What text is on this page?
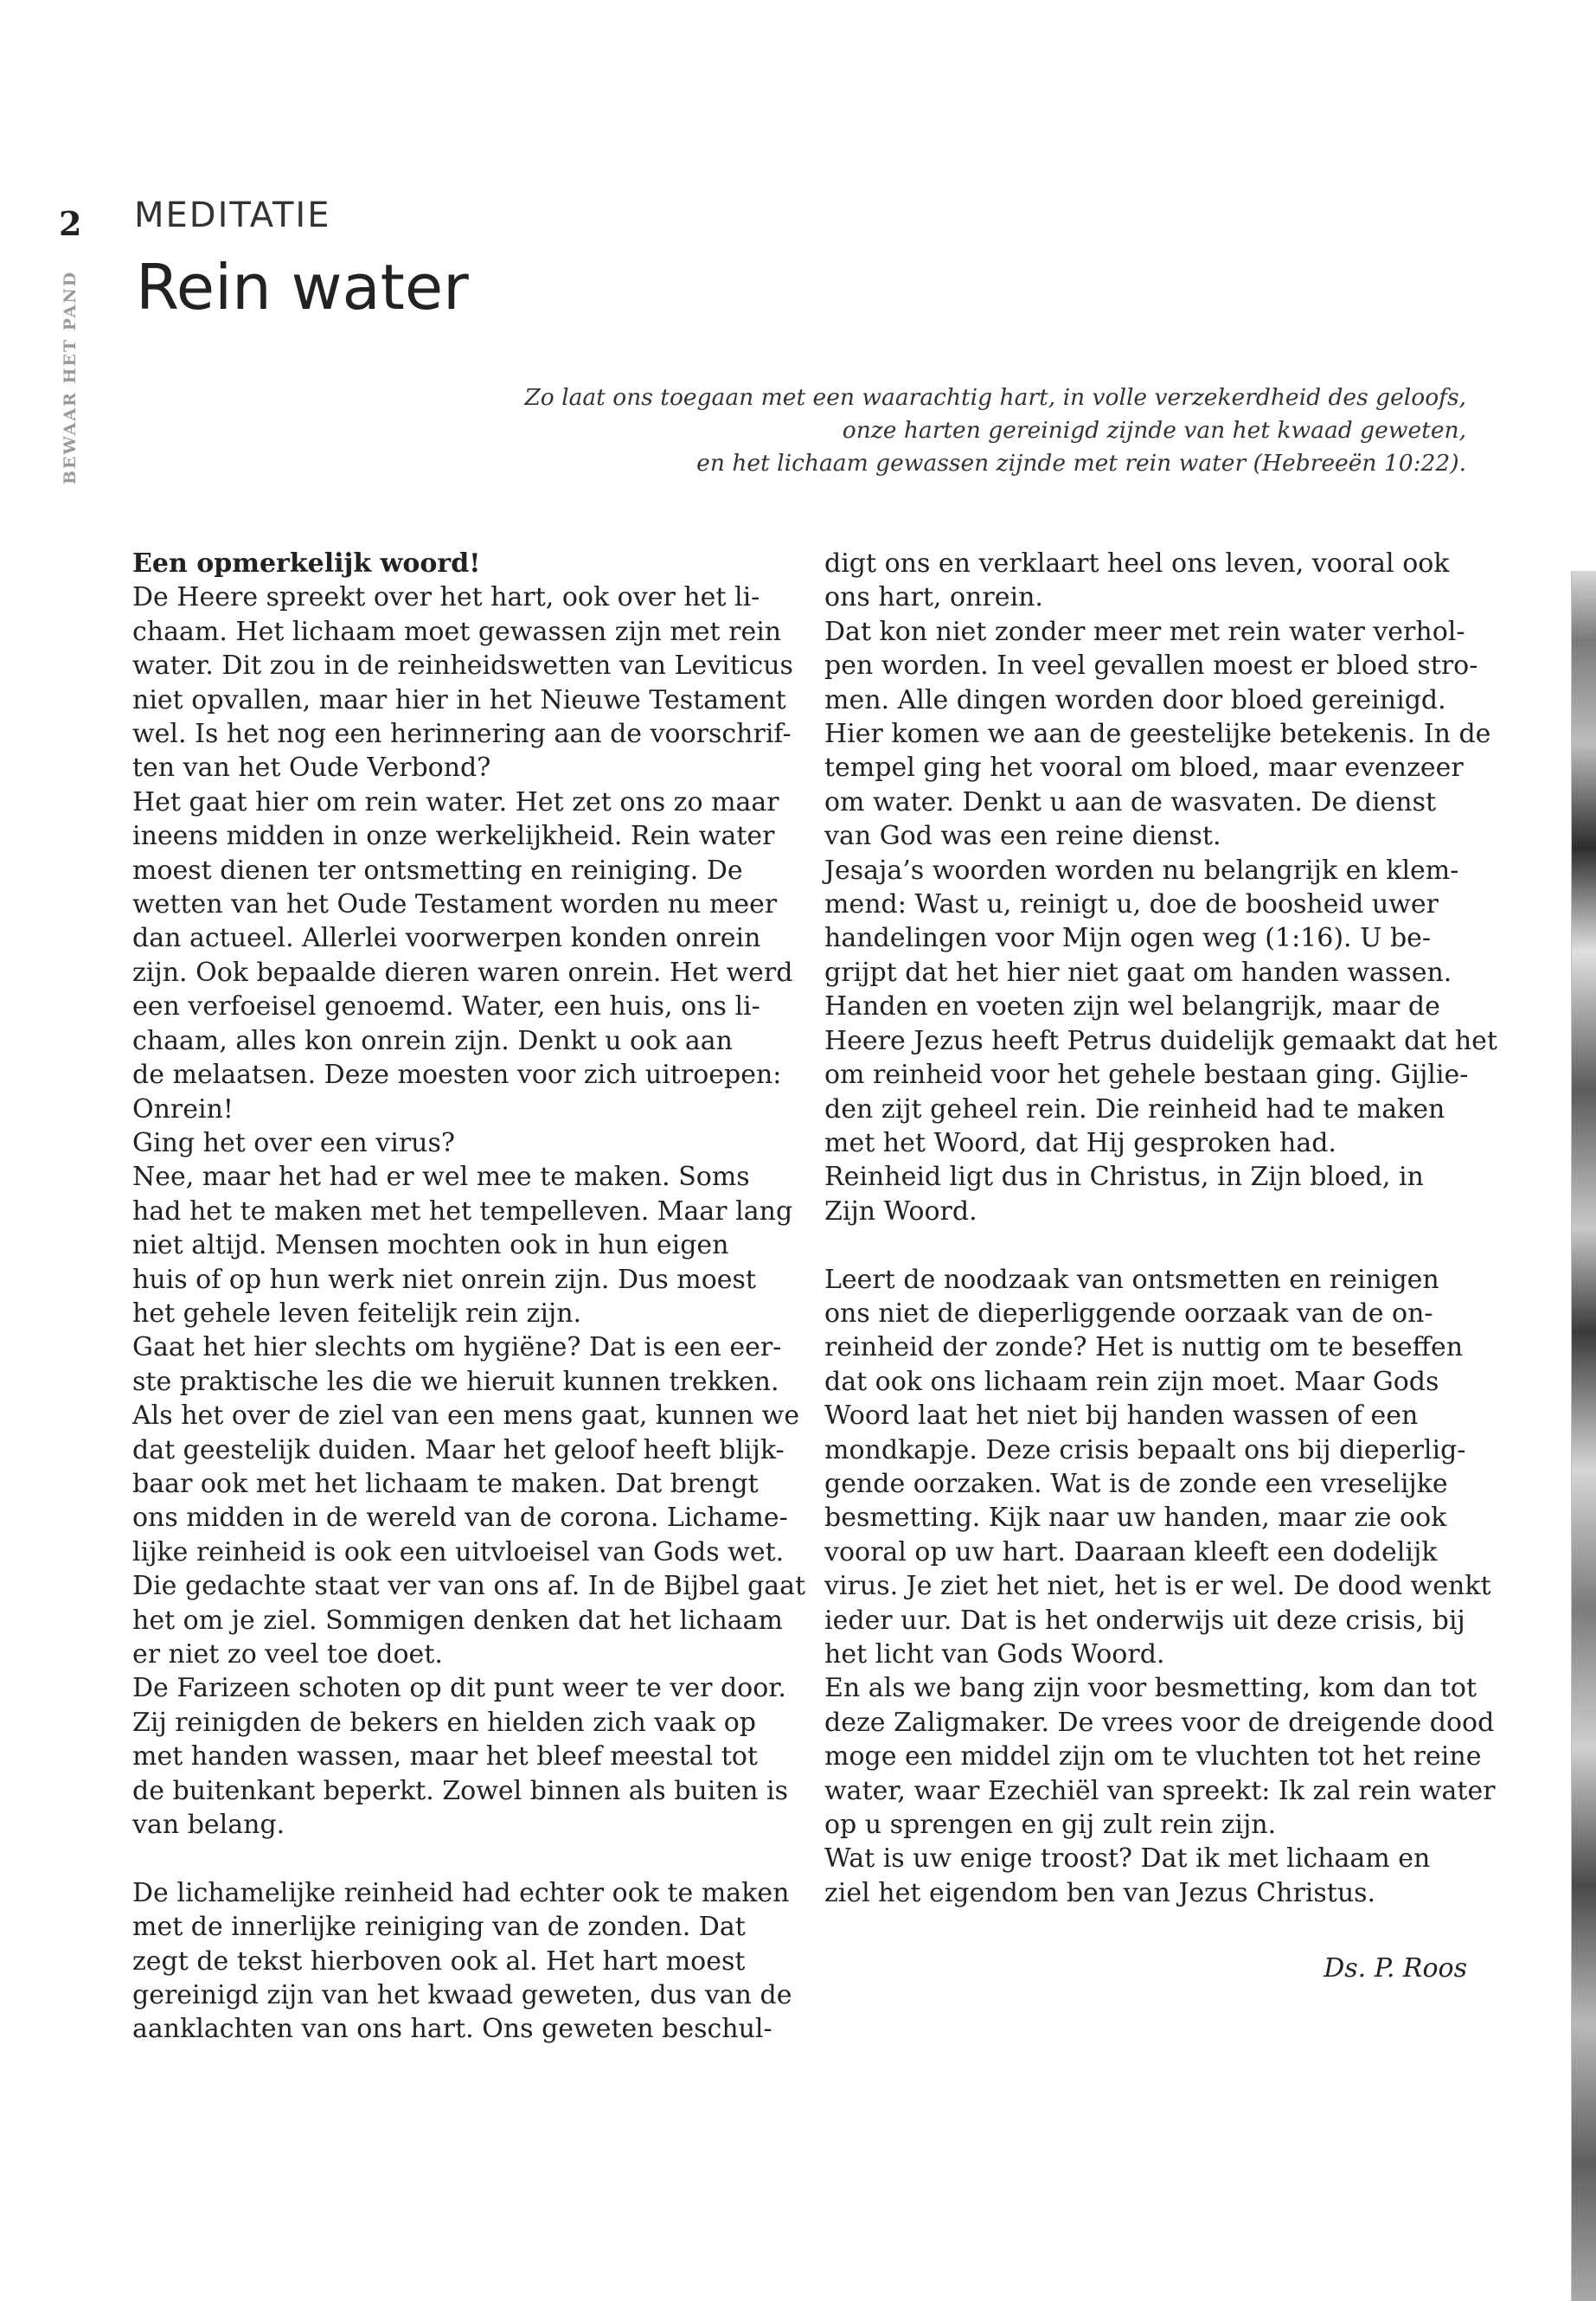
2
BEWAAR HET PAND
MEDITATIE
Rein water
Zo laat ons toegaan met een waarachtig hart, in volle verzekerdheid des geloofs,
onze harten gereinigd zijnde van het kwaad geweten,
en het lichaam gewassen zijnde met rein water (Hebreeën 10:22).
Een opmerkelijk woord!
De Heere spreekt over het hart, ook over het li-
chaam. Het lichaam moet gewassen zijn met rein
water. Dit zou in de reinheidswetten van Leviticus
niet opvallen, maar hier in het Nieuwe Testament
wel. Is het nog een herinnering aan de voorschrif-
ten van het Oude Verbond?
Het gaat hier om rein water. Het zet ons zo maar
ineens midden in onze werkelijkheid. Rein water
moest dienen ter ontsmetting en reiniging. De
wetten van het Oude Testament worden nu meer
dan actueel. Allerlei voorwerpen konden onrein
zijn. Ook bepaalde dieren waren onrein. Het werd
een verfoeisel genoemd. Water, een huis, ons li-
chaam, alles kon onrein zijn. Denkt u ook aan
de melaatsen. Deze moesten voor zich uitroepen:
Onrein!
Ging het over een virus?
Nee, maar het had er wel mee te maken. Soms
had het te maken met het tempelleven. Maar lang
niet altijd. Mensen mochten ook in hun eigen
huis of op hun werk niet onrein zijn. Dus moest
het gehele leven feitelijk rein zijn.
Gaat het hier slechts om hygiëne? Dat is een eer-
ste praktische les die we hieruit kunnen trekken.
Als het over de ziel van een mens gaat, kunnen we
dat geestelijk duiden. Maar het geloof heeft blijk-
baar ook met het lichaam te maken. Dat brengt
ons midden in de wereld van de corona. Lichame-
lijke reinheid is ook een uitvloeisel van Gods wet.
Die gedachte staat ver van ons af. In de Bijbel gaat
het om je ziel. Sommigen denken dat het lichaam
er niet zo veel toe doet.
De Farizeen schoten op dit punt weer te ver door.
Zij reinigden de bekers en hielden zich vaak op
met handen wassen, maar het bleef meestal tot
de buitenkant beperkt. Zowel binnen als buiten is
van belang.
De lichamelijke reinheid had echter ook te maken
met de innerlijke reiniging van de zonden. Dat
zegt de tekst hierboven ook al. Het hart moest
gereinigd zijn van het kwaad geweten, dus van de
aanklachten van ons hart. Ons geweten beschul-
digt ons en verklaart heel ons leven, vooral ook
ons hart, onrein.
Dat kon niet zonder meer met rein water verhol-
pen worden. In veel gevallen moest er bloed stro-
men. Alle dingen worden door bloed gereinigd.
Hier komen we aan de geestelijke betekenis. In de
tempel ging het vooral om bloed, maar evenzeer
om water. Denkt u aan de wasvaten. De dienst
van God was een reine dienst.
Jesaja’s woorden worden nu belangrijk en klem-
mend: Wast u, reinigt u, doe de boosheid uwer
handelingen voor Mijn ogen weg (1:16). U be-
grijpt dat het hier niet gaat om handen wassen.
Handen en voeten zijn wel belangrijk, maar de
Heere Jezus heeft Petrus duidelijk gemaakt dat het
om reinheid voor het gehele bestaan ging. Gijlie-
den zijt geheel rein. Die reinheid had te maken
met het Woord, dat Hij gesproken had.
Reinheid ligt dus in Christus, in Zijn bloed, in
Zijn Woord.
Leert de noodzaak van ontsmetten en reinigen
ons niet de dieperliggende oorzaak van de on-
reinheid der zonde? Het is nuttig om te beseffen
dat ook ons lichaam rein zijn moet. Maar Gods
Woord laat het niet bij handen wassen of een
mondkapje. Deze crisis bepaalt ons bij dieperlig-
gende oorzaken. Wat is de zonde een vreselijke
besmetting. Kijk naar uw handen, maar zie ook
vooral op uw hart. Daaraan kleeft een dodelijk
virus. Je ziet het niet, het is er wel. De dood wenkt
ieder uur. Dat is het onderwijs uit deze crisis, bij
het licht van Gods Woord.
En als we bang zijn voor besmetting, kom dan tot
deze Zaligmaker. De vrees voor de dreigende dood
moge een middel zijn om te vluchten tot het reine
water, waar Ezechiël van spreekt: Ik zal rein water
op u sprengen en gij zult rein zijn.
Wat is uw enige troost? Dat ik met lichaam en
ziel het eigendom ben van Jezus Christus.
Ds. P. Roos
